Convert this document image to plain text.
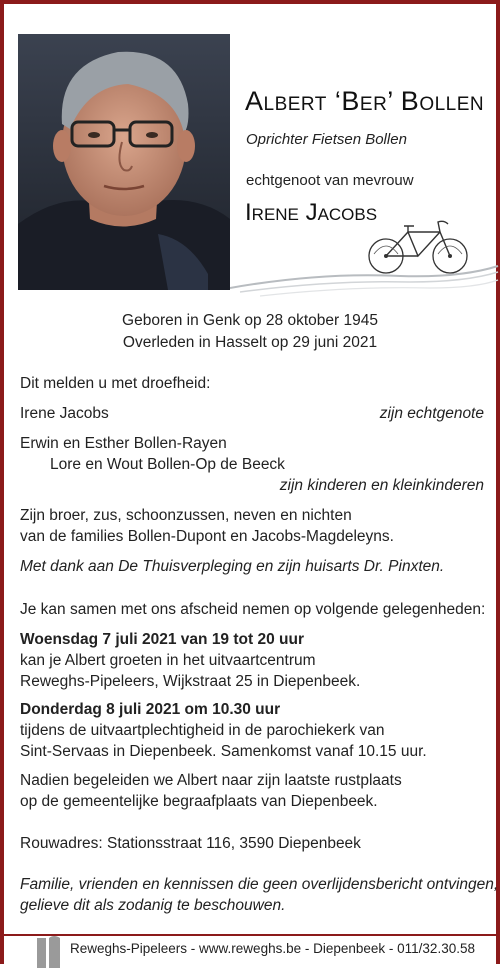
Albert ‘Ber’ Bollen
Oprichter Fietsen Bollen
echtgenoot van mevrouw
Irene Jacobs
Geboren in Genk op 28 oktober 1945
Overleden in Hasselt op 29 juni 2021
Dit melden u met droefheid:
Irene Jacobs	zijn echtgenote
Erwin en Esther Bollen-Rayen
Lore en Wout Bollen-Op de Beeck
zijn kinderen en kleinkinderen
Zijn broer, zus, schoonzussen, neven en nichten
van de families Bollen-Dupont en Jacobs-Magdeleyns.
Met dank aan De Thuisverpleging en zijn huisarts Dr. Pinxten.
Je kan samen met ons afscheid nemen op volgende gelegenheden:
Woensdag 7 juli 2021 van 19 tot 20 uur
kan je Albert groeten in het uitvaartcentrum
Reweghs-Pipeleers, Wijkstraat 25 in Diepenbeek.
Donderdag 8 juli 2021 om 10.30 uur
tijdens de uitvaartplechtigheid in de parochiekerk van
Sint-Servaas in Diepenbeek. Samenkomst vanaf 10.15 uur.
Nadien begeleiden we Albert naar zijn laatste rustplaats
op de gemeentelijke begraafplaats van Diepenbeek.
Rouwadres: Stationsstraat 116, 3590 Diepenbeek
Familie, vrienden en kennissen die geen overlijdensbericht ontvingen,
gelieve dit als zodanig te beschouwen.
Reweghs-Pipeleers - www.reweghs.be - Diepenbeek - 011/32.30.58
